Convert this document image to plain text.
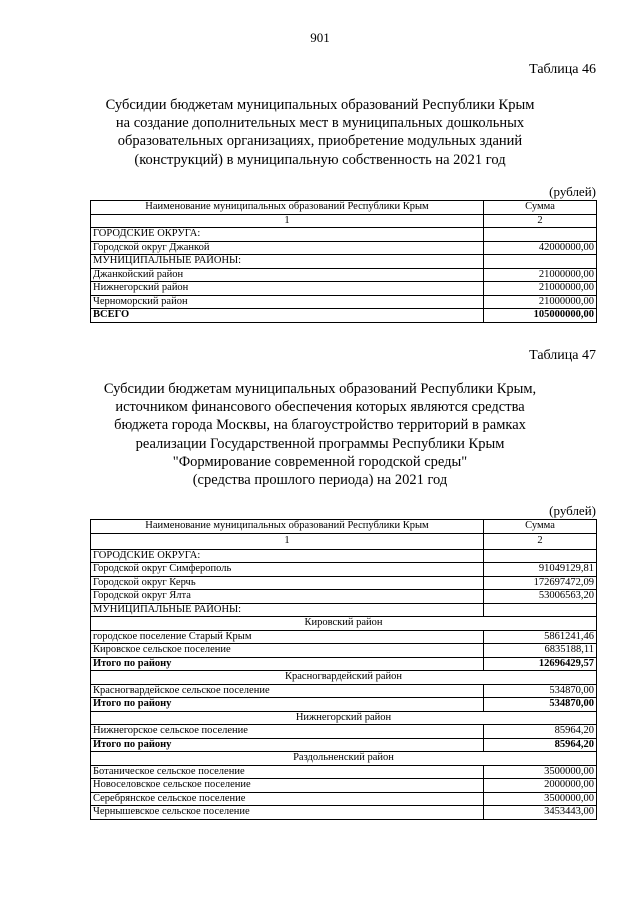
901
Таблица 46
Субсидии бюджетам муниципальных образований Республики Крым
на создание дополнительных мест в муниципальных дошкольных
образовательных организациях, приобретение модульных зданий
(конструкций) в муниципальную собственность на 2021 год
(рублей)
Наименование муниципальных образований Республики Крым	Сумма
1	2
ГОРОДСКИЕ ОКРУГА:	
Городской округ Джанкой	42000000,00
МУНИЦИПАЛЬНЫЕ РАЙОНЫ:	
Джанкойский район	21000000,00
Нижнегорский район	21000000,00
Черноморский район	21000000,00
ВСЕГО	105000000,00
Таблица 47
Субсидии бюджетам муниципальных образований Республики Крым,
источником финансового обеспечения которых являются средства
бюджета города Москвы, на благоустройство территорий в рамках
реализации Государственной программы Республики Крым
"Формирование современной городской среды"
(средства прошлого периода) на 2021 год
(рублей)
Наименование муниципальных образований Республики Крым	Сумма
1	2
ГОРОДСКИЕ ОКРУГА:	
Городской округ Симферополь	91049129,81
Городской округ Керчь	172697472,09
Городской округ Ялта	53006563,20
МУНИЦИПАЛЬНЫЕ РАЙОНЫ:	
Кировский район	
городское поселение Старый Крым	5861241,46
Кировское сельское поселение	6835188,11
Итого по району	12696429,57
Красногвардейский район	
Красногвардейское сельское поселение	534870,00
Итого по району	534870,00
Нижнегорский район	
Нижнегорское сельское поселение	85964,20
Итого по району	85964,20
Раздольненский район	
Ботаническое сельское поселение	3500000,00
Новоселовское сельское поселение	2000000,00
Серебрянское сельское поселение	3500000,00
Чернышевское сельское поселение	3453443,00
